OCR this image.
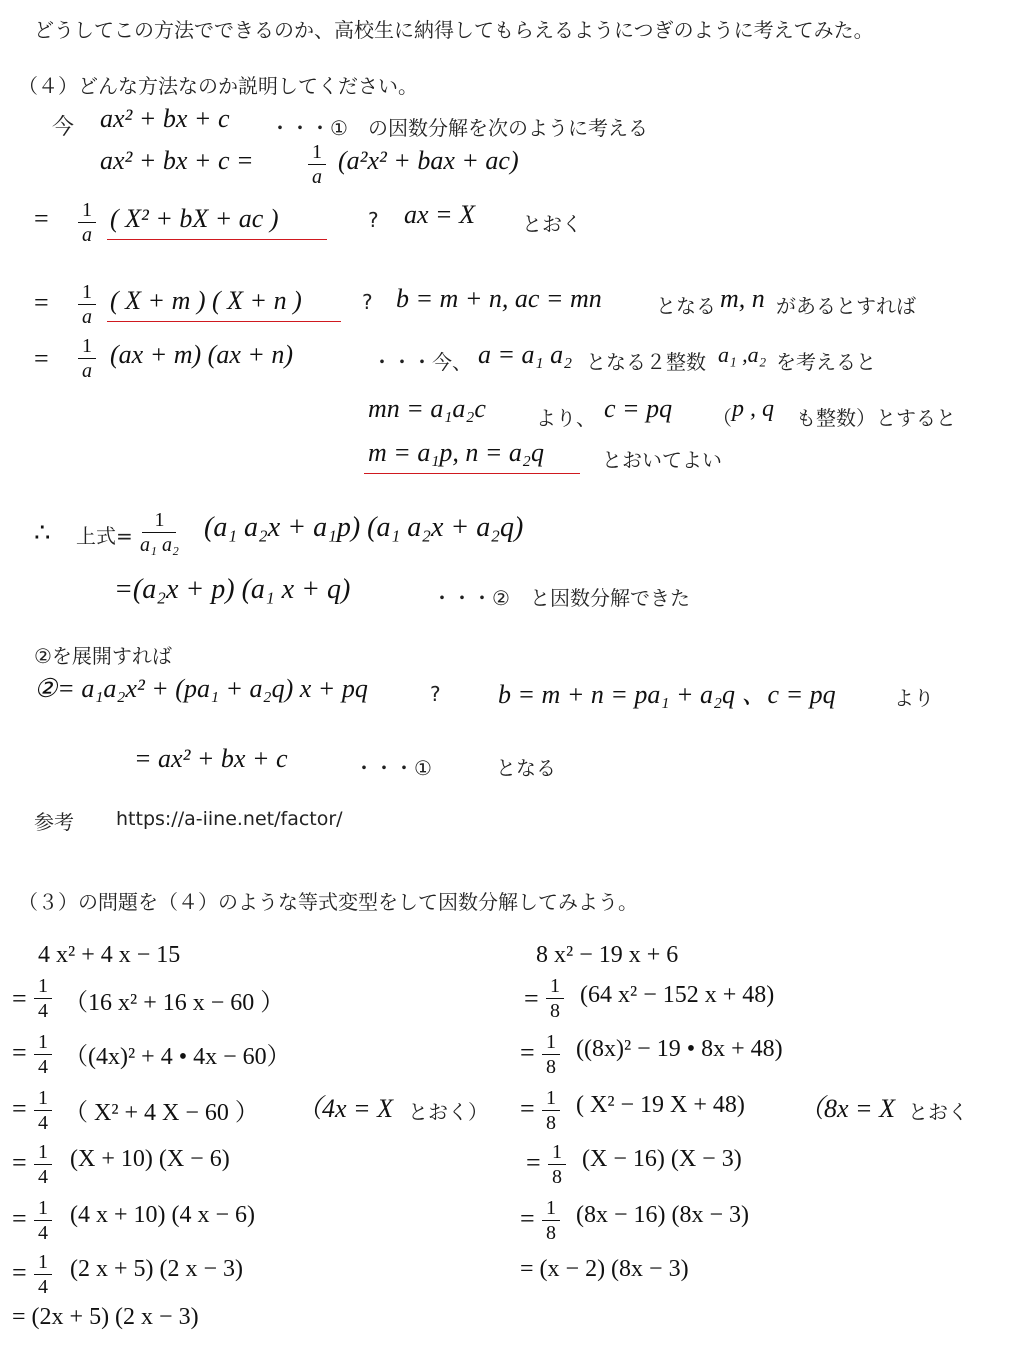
どうしてこの方法でできるのか、高校生に納得してもらえるようにつぎのように考えてみた。
（４）どんな方法なのか説明してください。
今 ax² + bx + c ・・・① の因数分解を次のように考える
ax² + bx + c =	$\frac{1}{a} (a^2x^2$ + bax + ac)
= $\frac{1}{a}$ ( X² + bX + ac )	? ax = X とおく
= $\frac{1}{a}$ ( X + m ) ( X + n )	? b = m + n, ac = mn	となる m, n があるとすれば
= $\frac{1}{a} (ax + m) (ax + n)$	・・・今、 a = a₁ a₂ となる２整数 a₁ ,a₂ を考えると
mn = a₁a₂c	より、 c = pq （ p , q も整数）とすると
m = a₁p, n = a₂q	とおいてよい
∴ 上式= $\frac{1}{\text{a₁ a₂}} (a_1$ a₂x + a₁p) (a₁ a₂x + a₂q)
=(a₂x + p) (a₁ x + q)	・・・② と因数分解できた
②を展開すれば
②= a₁a₂x² + (pa₁ + a₂q) x + pq	? b = m + n = pa₁ + a₂q 、c = pq	より
= ax² + bx + c	・・・①	となる
参考 https://a-iine.net/factor/
（３）の問題を（４）のような等式変型をして因数分解してみよう。
4 x² + 4 x − 15
= $\frac{1}{4} (16$ x² + 16 x − 60 ）
= $\frac{1}{4} ((4x)^2 + 4$ • 4x − 60）
= $\frac{1}{4}$ （ X² + 4 X − 60 ） （4x = X とおく）
= $\frac{1}{4} (X + 10) (X - 6)$
= $\frac{1}{4} (4$ x + 10) (4 x − 6)
= $\frac{1}{4} (2$ x + 5) (2 x − 3)
= (2x + 5) (2 x − 3)
8 x² − 19 x + 6
= $\frac{1}{8} (64$ x² − 152 x + 48)
= $\frac{1}{8} ((8x)^2 - 19$ • 8x + 48)
= $\frac{1}{8}$ ( X² − 19 X + 48) （8x = X とおく
= $\frac{1}{8} (X - 16) (X - 3)$
= $\frac{1}{8} (8x - 16) (8x - 3)$
= (x − 2) (8x − 3)
